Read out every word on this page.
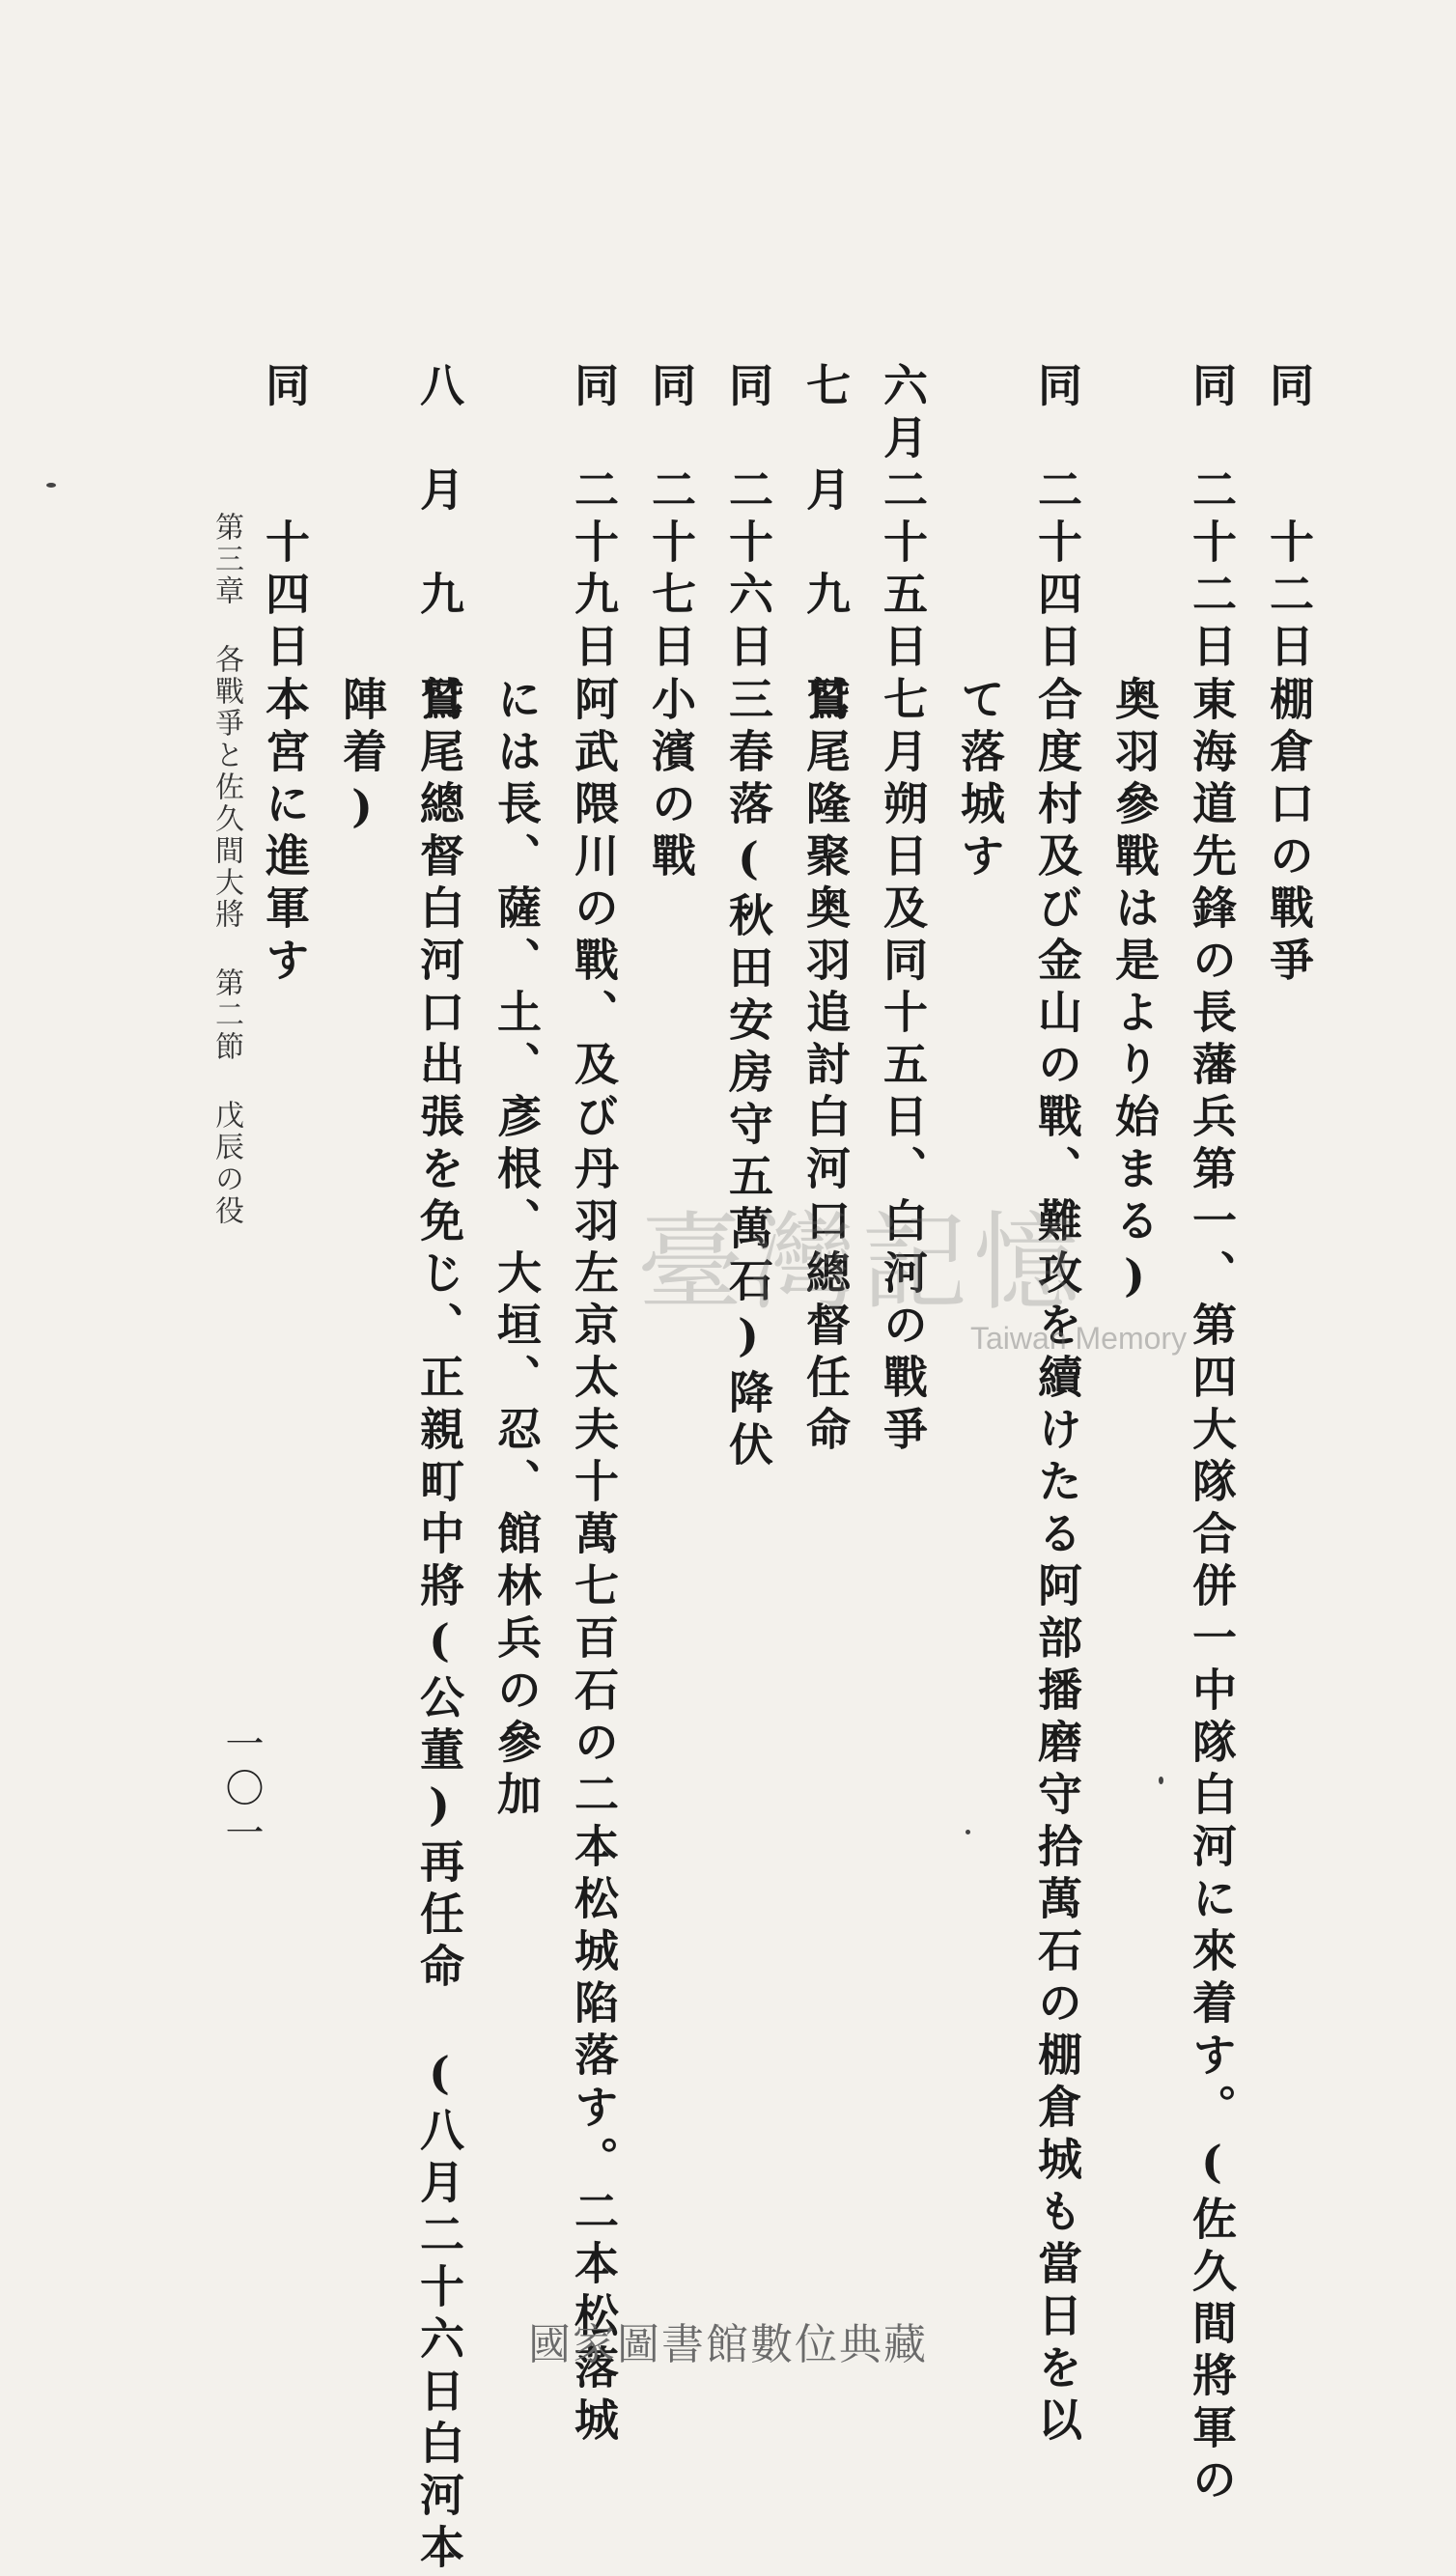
同　　十二日
棚倉口の戰爭
同　二十二日
東海道先鋒の長藩兵第一、第四大隊合併一中隊白河に來着す。(佐久間將軍の
奥羽參戰は是より始まる)
同　二十四日
合度村及び金山の戰、難攻を續けたる阿部播磨守拾萬石の棚倉城も當日を以
て落城す
六月二十五日
七月朔日及同十五日、白河の戰爭
七　月　九　日
鷲尾隆聚奥羽追討白河口總督任命
同　二十六日
三春落(秋田安房守五萬石)降伏
同　二十七日
小濱の戰
同　二十九日
阿武隈川の戰、及び丹羽左京太夫十萬七百石の二本松城陷落す。二本松落城
には長、薩、土、彥根、大垣、忍、館林兵の參加
八　月　九　日
鷲尾總督白河口出張を免じ、正親町中將(公董)再任命　(八月二十六日白河本
陣着)
同　　十四日
本宮に進軍す
第三章各戰爭と佐久間大將第二節戊辰の役
一〇一
臺灣記憶
Taiwan Memory
國家圖書館數位典藏
